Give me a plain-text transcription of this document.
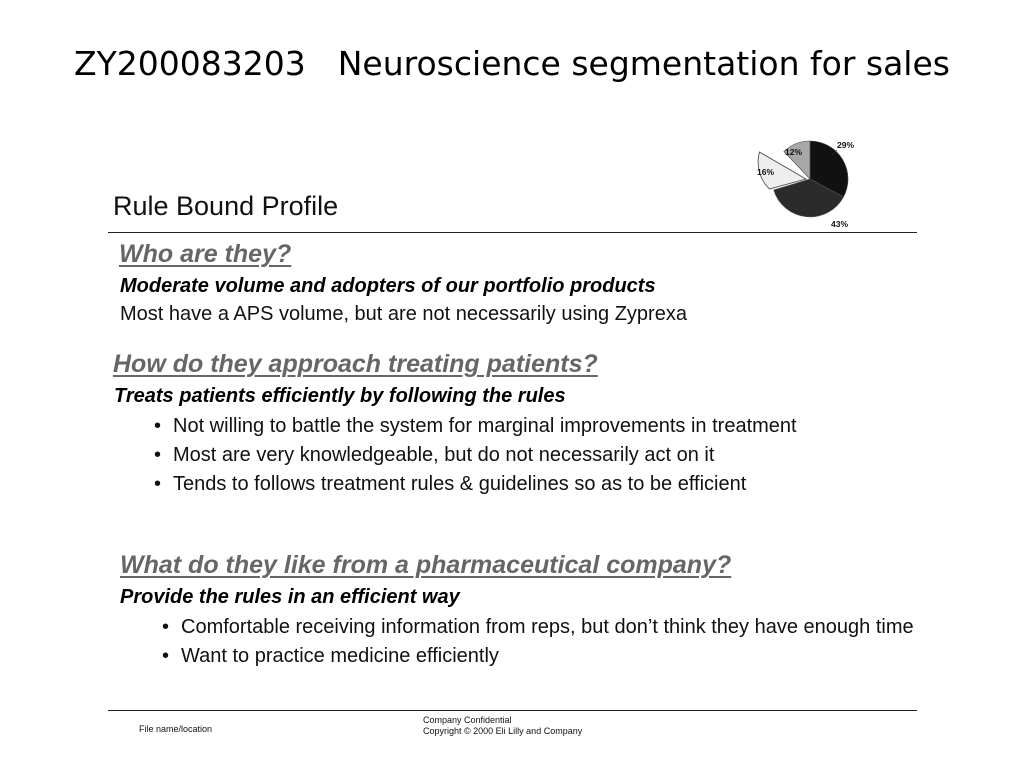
ZY200083203 Neuroscience segmentation for sales
Rule Bound Profile
29%
43%
16%
12%
Who are they?
Moderate volume and adopters of our portfolio products
Most have a APS volume, but are not necessarily using Zyprexa
How do they approach treating patients?
Treats patients efficiently by following the rules
• Not willing to battle the system for marginal improvements in treatment
• Most are very knowledgeable, but do not necessarily act on it
• Tends to follows treatment rules & guidelines so as to be efficient
What do they like from a pharmaceutical company?
Provide the rules in an efficient way
• Comfortable receiving information from reps, but don’t think they have enough time
• Want to practice medicine efficiently
File name/location
Company Confidential
Copyright © 2000 Eli Lilly and Company
